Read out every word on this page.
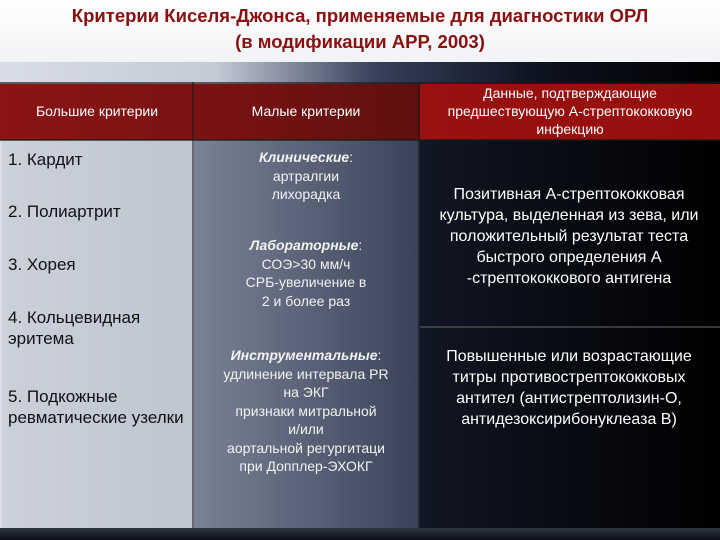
Критерии Киселя-Джонса, применяемые для диагностики ОРЛ
(в модификации АРР, 2003)
Большие критерии	Малые критерии
Данные, подтверждающие предшествующую А-стрептококковую инфекцию
1. Кардит
2. Полиартрит
3. Хорея
4. Кольцевидная эритема
5. Подкожные ревматические узелки
Клинические:
артралгии
лихорадка
Лабораторные:
СОЭ>30 мм/ч
СРБ-увеличение в
2 и более раз
Инструментальные:
удлинение интервала PR
на ЭКГ
признаки митральной
и/или
аортальной регургитаци
при Допплер-ЭХОКГ
Позитивная А-стрептококковая культура, выделенная из зева, или положительный результат теста быстрого определения А -стрептококкового антигена
Повышенные или возрастающие титры противострептококковых антител (антистрептолизин-О, антидезоксирибонуклеаза В)
